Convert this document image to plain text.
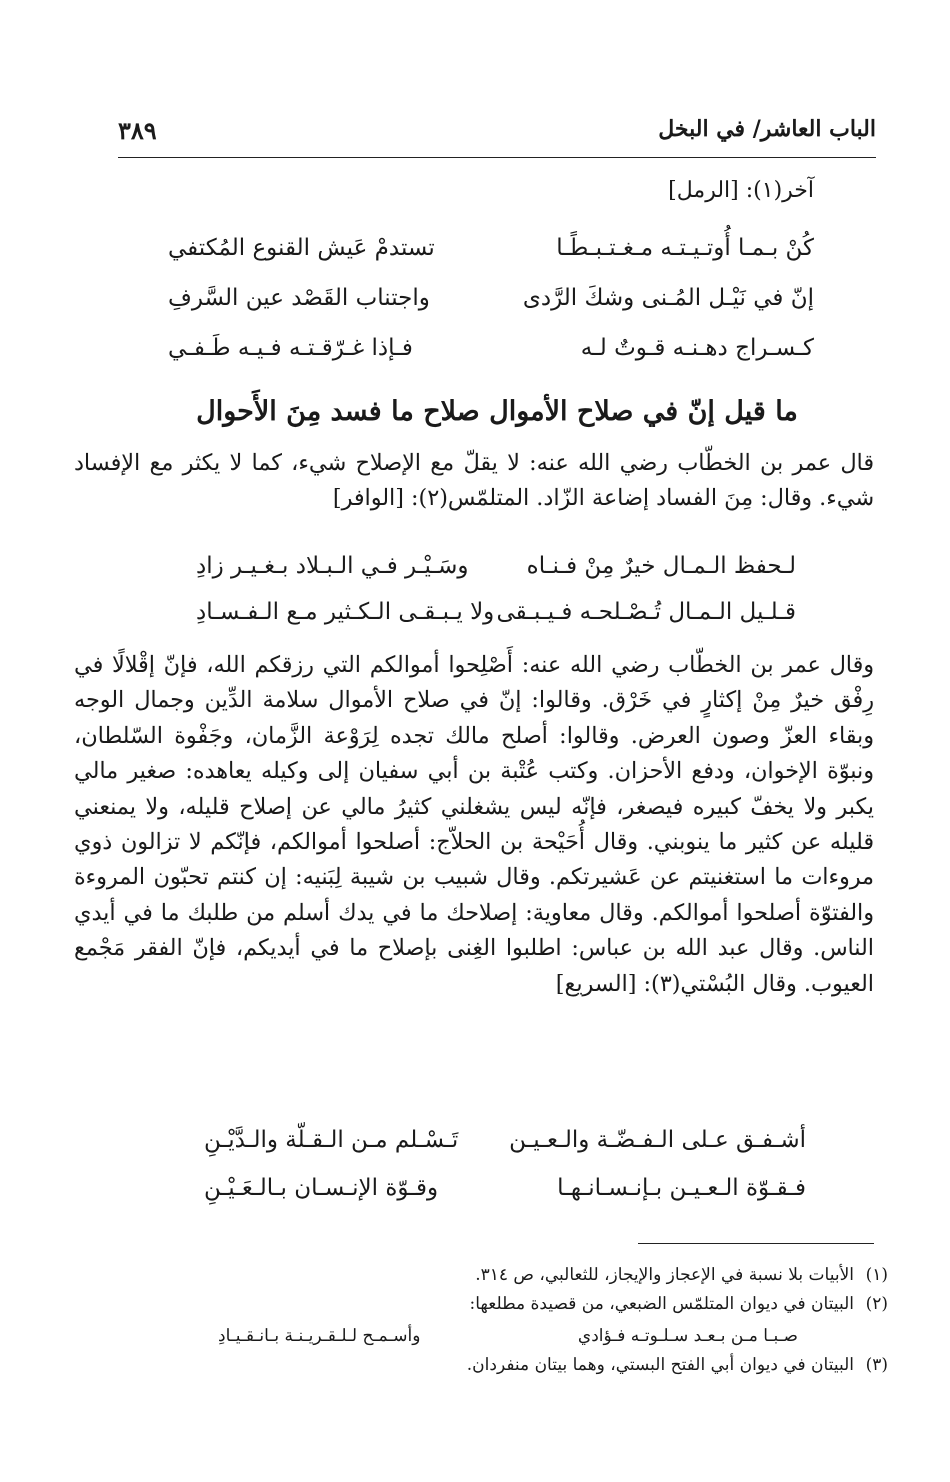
الباب العاشر/ في البخل
٣٨٩
آخر(١): [الرمل]
كُنْ بـمـا أُوتـيـتـه مـغـتـبـطًـا
تستدمْ عَيش القنوع المُكتفي
إنّ في نَيْـل المُـنى وشكَ الرَّدى
واجتناب القَصْد عين السَّرفِ
كـسـراج دهـنـه قـوتٌ لـه
فـإذا غـرّقـتـه فـيـه طَـفـي
ما قيل إنّ في صلاح الأموال صلاح ما فسد مِنَ الأَحوال

قال عمر بن الخطّاب رضي الله عنه: لا يقلّ مع الإصلاح شيء، كما لا يكثر مع الإفساد شيء. وقال: مِنَ الفساد إضاعة الزّاد. المتلمّس(٢): [الوافر]

لـحفظ الـمـال خيرٌ مِنْ فـنـاه
وسَـيْـر فـي الـبـلاد بـغـيـر زادِ
قـلـيل الـمـال تُـصْـلحـه فـيـبـقى
ولا يـبـقـى الـكـثير مـع الـفـسـادِ

وقال عمر بن الخطّاب رضي الله عنه: أَصْلِحوا أموالكم التي رزقكم الله، فإنّ إقْلالًا في رِفْق خيرٌ مِنْ إكثارٍ في خَرْق. وقالوا: إنّ في صلاح الأموال سلامة الدِّين وجمال الوجه وبقاء العزّ وصون العرض. وقالوا: أصلح مالك تجده لِرَوْعة الزَّمان، وجَفْوة السّلطان، ونبوّة الإخوان، ودفع الأحزان. وكتب عُتْبة بن أبي سفيان إلى وكيله يعاهده: صغير مالي يكبر ولا يخفّ كبيره فيصغر، فإنّه ليس يشغلني كثيرُ مالي عن إصلاح قليله، ولا يمنعني قليله عن كثير ما ينوبني. وقال أُحَيْحة بن الحلاّج: أصلحوا أموالكم، فإنّكم لا تزالون ذوي مروءات ما استغنيتم عن عَشيرتكم. وقال شبيب بن شيبة لِبَنيه: إن كنتم تحبّون المروءة والفتوّة أصلحوا أموالكم. وقال معاوية: إصلاحك ما في يدك أسلم من طلبك ما في أيدي الناس. وقال عبد الله بن عباس: اطلبوا الغِنى بإصلاح ما في أيديكم، فإنّ الفقر مَجْمع العيوب. وقال البُسْتي(٣): [السريع]

أشـفـق عـلى الـفـضّـة والـعـيـن
تَـسْـلم مـن الـقـلّة والـدَّيْـنِ
فـقـوّة الـعـيـن بـإنـسـانـهـا
وقـوّة الإنـسـان بـالـعَـيْـنِ
(١)الأبيات بلا نسبة في الإعجاز والإيجاز، للثعالبي، ص ٣١٤.
(٢)البيتان في ديوان المتلمّس الضبعي، من قصيدة مطلعها:
صـبـا مـن بـعـد سـلـوتـه فـؤادي
وأسـمـح لـلـقـريـنـة بـانـقـيـادِ
(٣)البيتان في ديوان أبي الفتح البستي، وهما بيتان منفردان.
